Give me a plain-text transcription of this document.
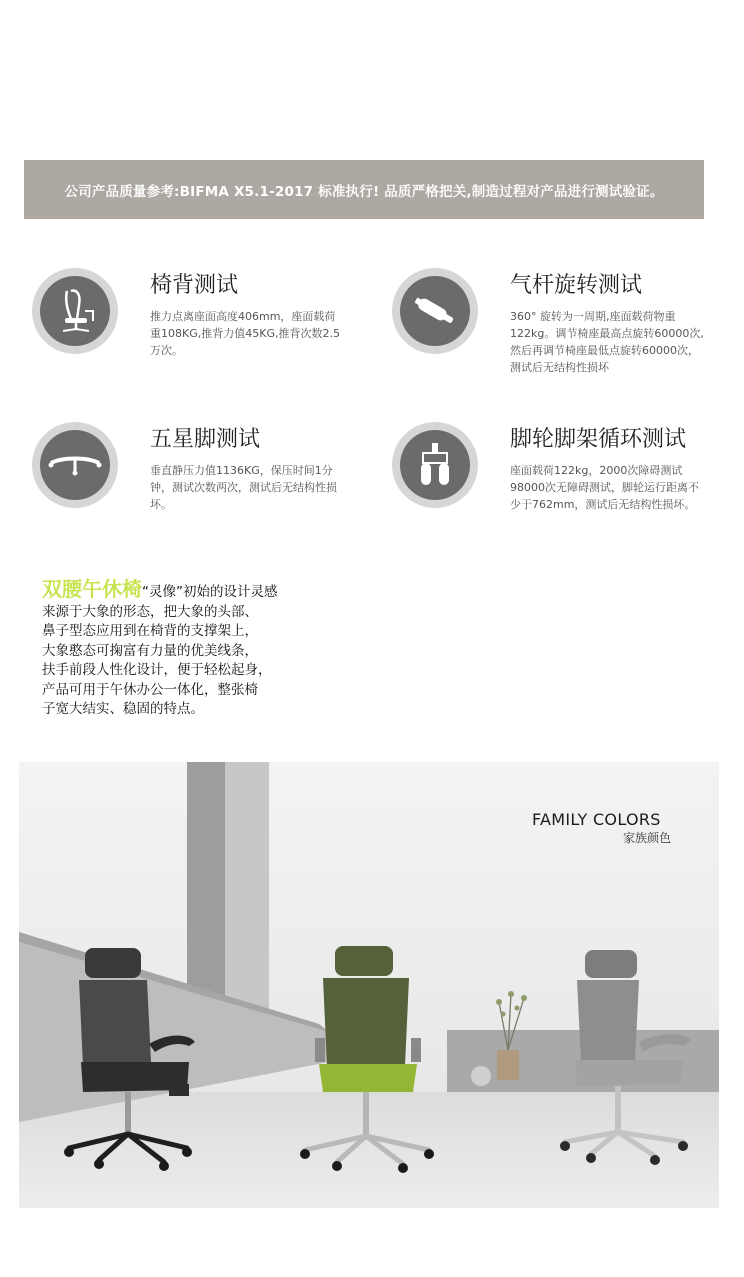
公司产品质量参考:BIFMA X5.1-2017 标准执行! 品质严格把关,制造过程对产品进行测试验证。
椅背测试
推力点离座面高度406mm，座面载荷重108KG,推背力值45KG,推背次数2.5万次。
气杆旋转测试
360° 旋转为一周期,座面载荷物重122kg。调节椅座最高点旋转60000次,然后再调节椅座最低点旋转60000次，测试后无结构性损坏
五星脚测试
垂直静压力值1136KG，保压时间1分钟，测试次数两次，测试后无结构性损坏。
脚轮脚架循环测试
座面载荷122kg，2000次障碍测试98000次无障碍测试，脚轮运行距离不少于762mm，测试后无结构性损坏。
双腰午休椅“灵像”初始的设计灵感
来源于大象的形态，把大象的头部、
鼻子型态应用到在椅背的支撑架上，
大象憨态可掬富有力量的优美线条，
扶手前段人性化设计，便于轻松起身，
产品可用于午休办公一体化，整张椅
子宽大结实、稳固的特点。
FAMILY COLORS
家族颜色
